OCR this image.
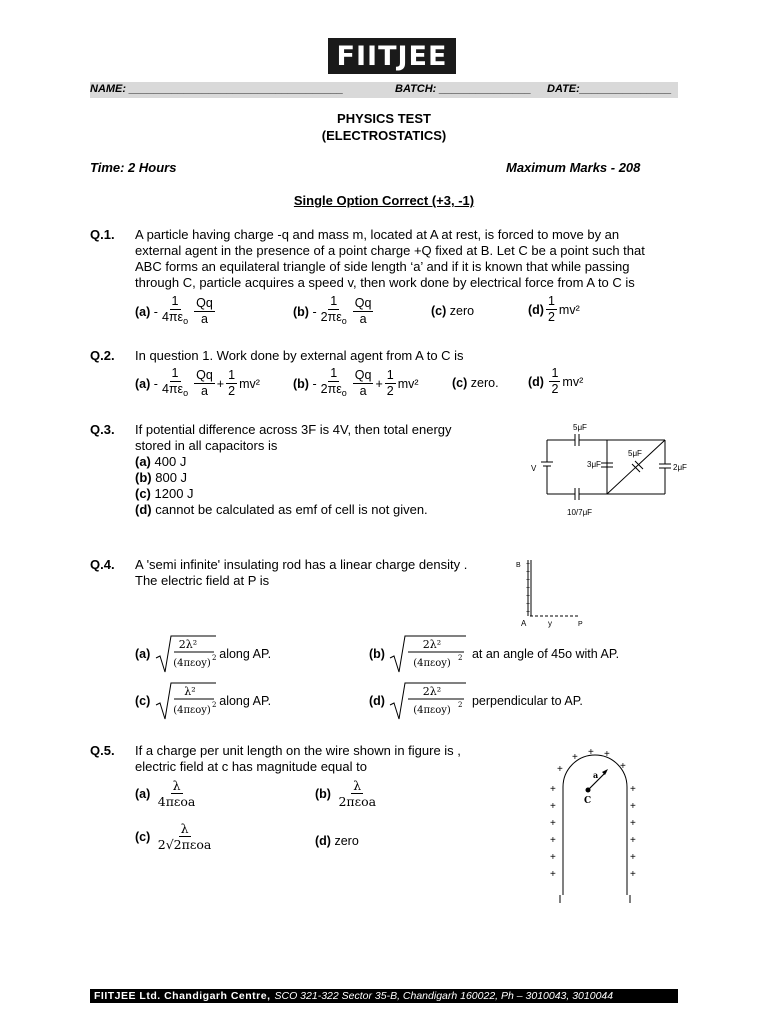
FIITJEE
NAME: ___________________________________	BATCH: _______________ DATE:_______________
PHYSICS TEST
(ELECTROSTATICS)
Time: 2 Hours	Maximum Marks - 208
Single Option Correct (+3, -1)
Q.1. A particle having charge -q and mass m, located at A at rest, is forced to move by an
external agent in the presence of a point charge +Q fixed at B. Let C be a point such that
ABC forms an equilateral triangle of side length ‘a’ and if it is known that while passing
through C, particle acquires a speed v, then work done by electrical force from A to C is
(a)
- $\frac{1}{4\pi\varepsilon_o} \frac{Qq}{a}$	(b)
- $\frac{1}{2\pi\varepsilon_o} \frac{Qq}{a}$	(c)
zero	$(d) \frac{1}{2} mv^2$
Q.2. In question 1. Work done by external agent from A to C is
(a)
- $\frac{1}{4\pi\varepsilon_o} \frac{Qq}{a} + \frac{1}{2} mv^2$	(b)
- $\frac{1}{2\pi\varepsilon_o} \frac{Qq}{a} + \frac{1}{2} mv^2$	(c)
zero. (d)
$\frac{1}{2} mv^2$
Q.3. If potential difference across 3F is 4V, then total energy
stored in all capacitors is
(a) 400 J
(b) 800 J
(c) 1200 J
(d) cannot be calculated as emf of cell is not given.
5μF
5μF
3μF	2μF
10/7μF
V
Q.4. A 'semi infinite' insulating rod has a linear charge density .
The electric field at P is
+
+
+
+
+
+
+
B
A	y	P
(a)

2λ²
(4πεoy) 2
along AP.	(b)

2λ²
(4πεoy) 2
at an angle of 45ο with AP.
(c)

λ²
(4πεoy) 2
along AP.	(d)

2λ²
(4πεoy) 2
perpendicular to AP.
Q.5. If a charge per unit length on the wire shown in figure is ,
electric field at c has magnitude equal to
(a)
$\frac{\lambda}{\text{4πεoa}}$	(b)
$\frac{\lambda}{\text{2πεoa}}$
(c)
$\frac{\lambda}{\text{2√2πεoa}}$	(d)
zero
+
+
+
+
+
+
+
+
+
+
+
+
+
+ + +
+
a
C
FIITJEE Ltd. Chandigarh Centre, SCO 321-322 Sector 35-B, Chandigarh 160022, Ph – 3010043, 3010044
